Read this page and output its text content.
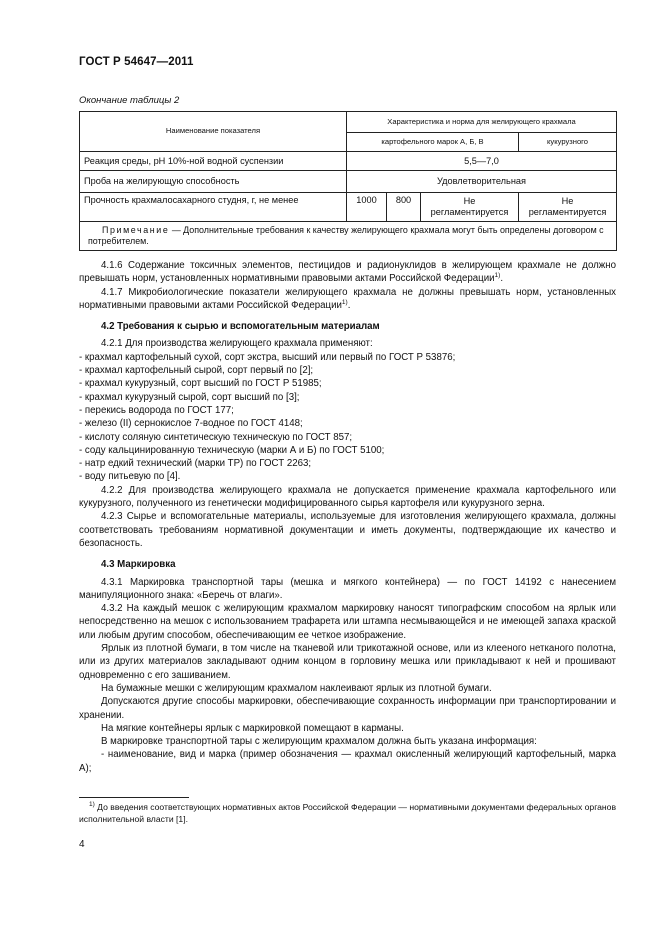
ГОСТ Р 54647—2011
Окончание таблицы 2
Наименование показателя	Характеристика и норма для желирующего крахмала			
	картофельного марок А, Б, В			кукурузного
Реакция среды, pH 10%-ной водной суспензии	5,5—7,0			
Проба на желирующую способность	Удовлетворительная			
Прочность крахмалосахарного студня, г, не менее	1000	800	Не регламентируется	Не регламентируется
Примечание — Дополнительные требования к качеству желирующего крахмала могут быть определены договором с потребителем.				

4.1.6 Содержание токсичных элементов, пестицидов и радионуклидов в желирующем крахмале не должно превышать норм, установленных нормативными правовыми актами Российской Федерации$^{1)}$.

4.1.7 Микробиологические показатели желирующего крахмала не должны превышать норм, установленных нормативными правовыми актами Российской Федерации$^{1)}$.

4.2 Требования к сырью и вспомогательным материалам

4.2.1 Для производства желирующего крахмала применяют:

- крахмал картофельный сухой, сорт экстра, высший или первый по ГОСТ Р 53876;

- крахмал картофельный сырой, сорт первый по [2];

- крахмал кукурузный, сорт высший по ГОСТ Р 51985;

- крахмал кукурузный сырой, сорт высший по [3];

- перекись водорода по ГОСТ 177;

- железо (II) сернокислое 7-водное по ГОСТ 4148;

- кислоту соляную синтетическую техническую по ГОСТ 857;

- соду кальцинированную техническую (марки А и Б) по ГОСТ 5100;

- натр едкий технический (марки ТР) по ГОСТ 2263;

- воду питьевую по [4].

4.2.2 Для производства желирующего крахмала не допускается применение крахмала картофельного или кукурузного, полученного из генетически модифицированного сырья картофеля или кукурузного зерна.

4.2.3 Сырье и вспомогательные материалы, используемые для изготовления желирующего крахмала, должны соответствовать требованиям нормативной документации и иметь документы, подтверждающие их качество и безопасность.

4.3 Маркировка

4.3.1 Маркировка транспортной тары (мешка и мягкого контейнера) — по ГОСТ 14192 с нанесением манипуляционного знака: «Беречь от влаги».

4.3.2 На каждый мешок с желирующим крахмалом маркировку наносят типографским способом на ярлык или непосредственно на мешок с использованием трафарета или штампа несмывающейся и не имеющей запаха краской или любым другим способом, обеспечивающим ее четкое изображение.

Ярлык из плотной бумаги, в том числе на тканевой или трикотажной основе, или из клееного нетканого полотна, или из других материалов закладывают одним концом в горловину мешка или прикладывают к ней и прошивают одновременно с его зашиванием.

На бумажные мешки с желирующим крахмалом наклеивают ярлык из плотной бумаги.

Допускаются другие способы маркировки, обеспечивающие сохранность информации при транспортировании и хранении.

На мягкие контейнеры ярлык с маркировкой помещают в карманы.

В маркировке транспортной тары с желирующим крахмалом должна быть указана информация:

- наименование, вид и марка (пример обозначения — крахмал окисленный желирующий картофельный, марка А);

$^{1)}$ До введения соответствующих нормативных актов Российской Федерации — нормативными документами федеральных органов исполнительной власти [1].
4
